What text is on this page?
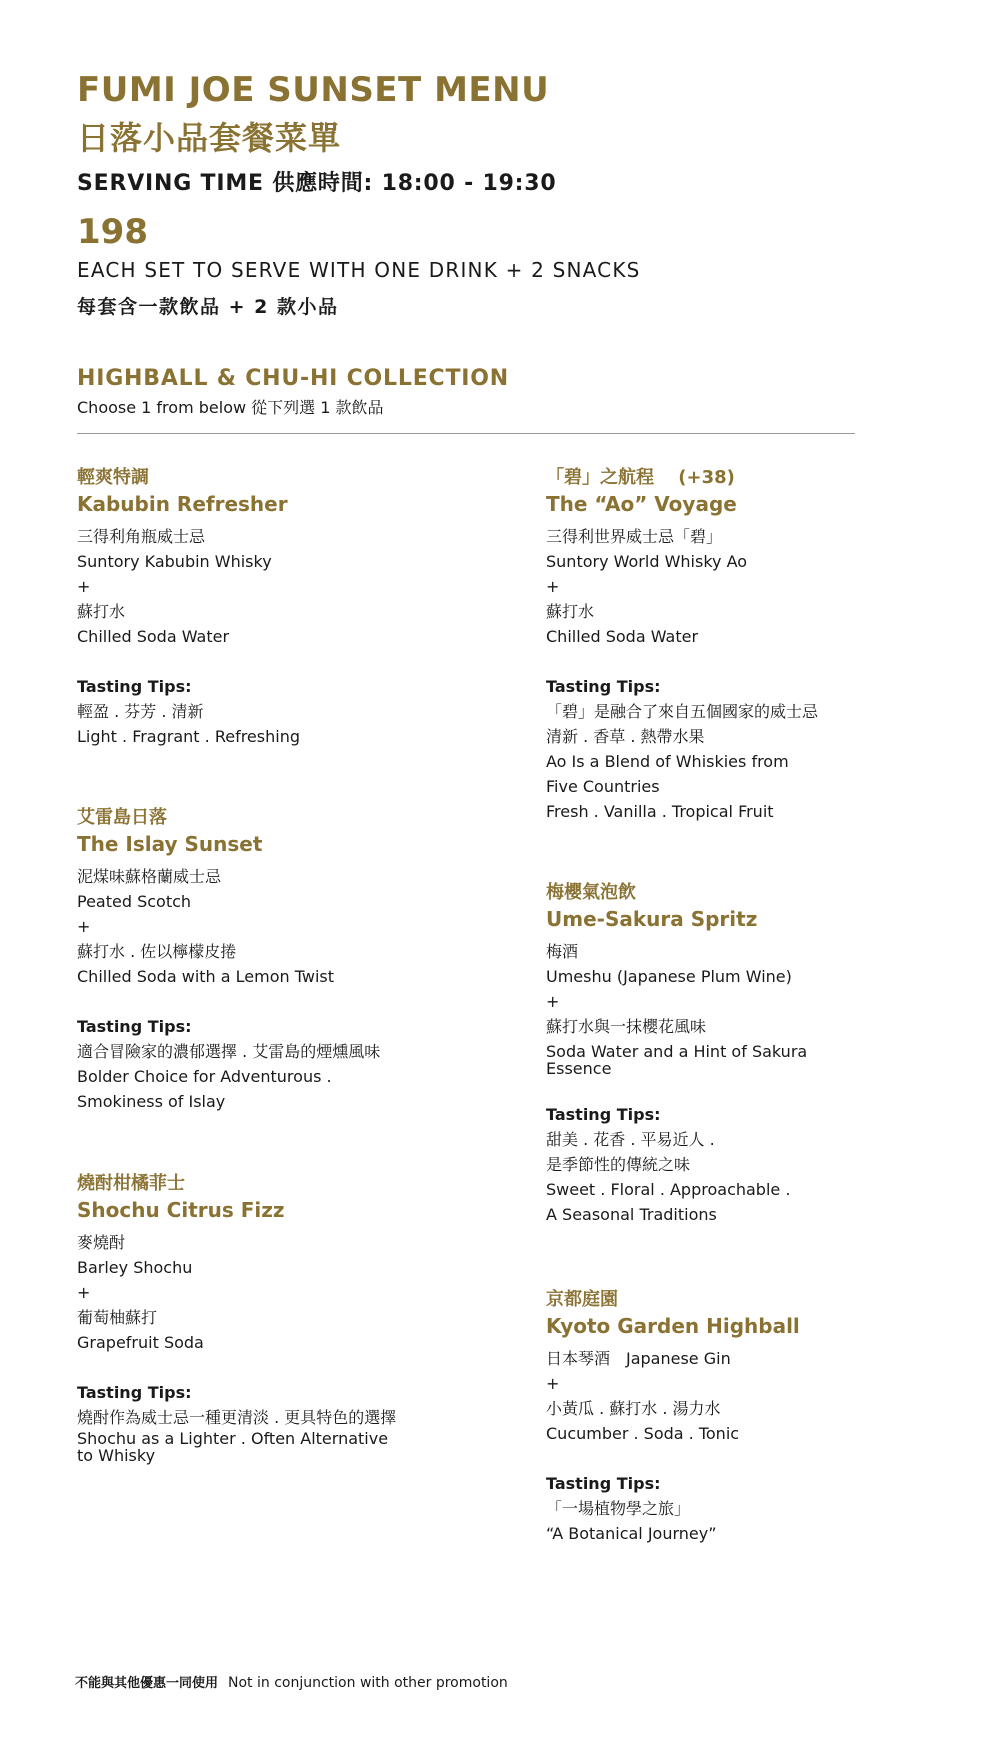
FUMI JOE SUNSET MENU
日落小品套餐菜單
SERVING TIME 供應時間: 18:00 - 19:30
198
EACH SET TO SERVE WITH ONE DRINK + 2 SNACKS
每套含一款飲品 + 2 款小品
HIGHBALL & CHU-HI COLLECTION
Choose 1 from below 從下列選 1 款飲品
輕爽特調
Kabubin Refresher
三得利角瓶威士忌
Suntory Kabubin Whisky
+
蘇打水
Chilled Soda Water
Tasting Tips:
輕盈 . 芬芳 . 清新
Light . Fragrant . Refreshing
艾雷島日落
The Islay Sunset
泥煤味蘇格蘭威士忌
Peated Scotch
+
蘇打水 . 佐以檸檬皮捲
Chilled Soda with a Lemon Twist
Tasting Tips:
適合冒險家的濃郁選擇 . 艾雷島的煙燻風味
Bolder Choice for Adventurous .
Smokiness of Islay
燒酎柑橘菲士
Shochu Citrus Fizz
麥燒酎
Barley Shochu
+
葡萄柚蘇打
Grapefruit Soda
Tasting Tips:
燒酎作為威士忌一種更清淡 . 更具特色的選擇
Shochu as a Lighter . Often Alternative
to Whisky
「碧」之航程　 (+38)
The “Ao” Voyage
三得利世界威士忌「碧」
Suntory World Whisky Ao
+
蘇打水
Chilled Soda Water
Tasting Tips:
「碧」是融合了來自五個國家的威士忌
清新 . 香草 . 熱帶水果
Ao Is a Blend of Whiskies from
Five Countries
Fresh . Vanilla . Tropical Fruit
梅櫻氣泡飲
Ume-Sakura Spritz
梅酒
Umeshu (Japanese Plum Wine)
+
蘇打水與一抹櫻花風味
Soda Water and a Hint of Sakura
Essence
Tasting Tips:
甜美 . 花香 . 平易近人 .
是季節性的傳統之味
Sweet . Floral . Approachable .
A Seasonal Traditions
京都庭園
Kyoto Garden Highball
日本琴酒　Japanese Gin
+
小黃瓜 . 蘇打水 . 湯力水
Cucumber . Soda . Tonic
Tasting Tips:
「一場植物學之旅」
“A Botanical Journey”
不能與其他優惠一同使用 Not in conjunction with other promotion
